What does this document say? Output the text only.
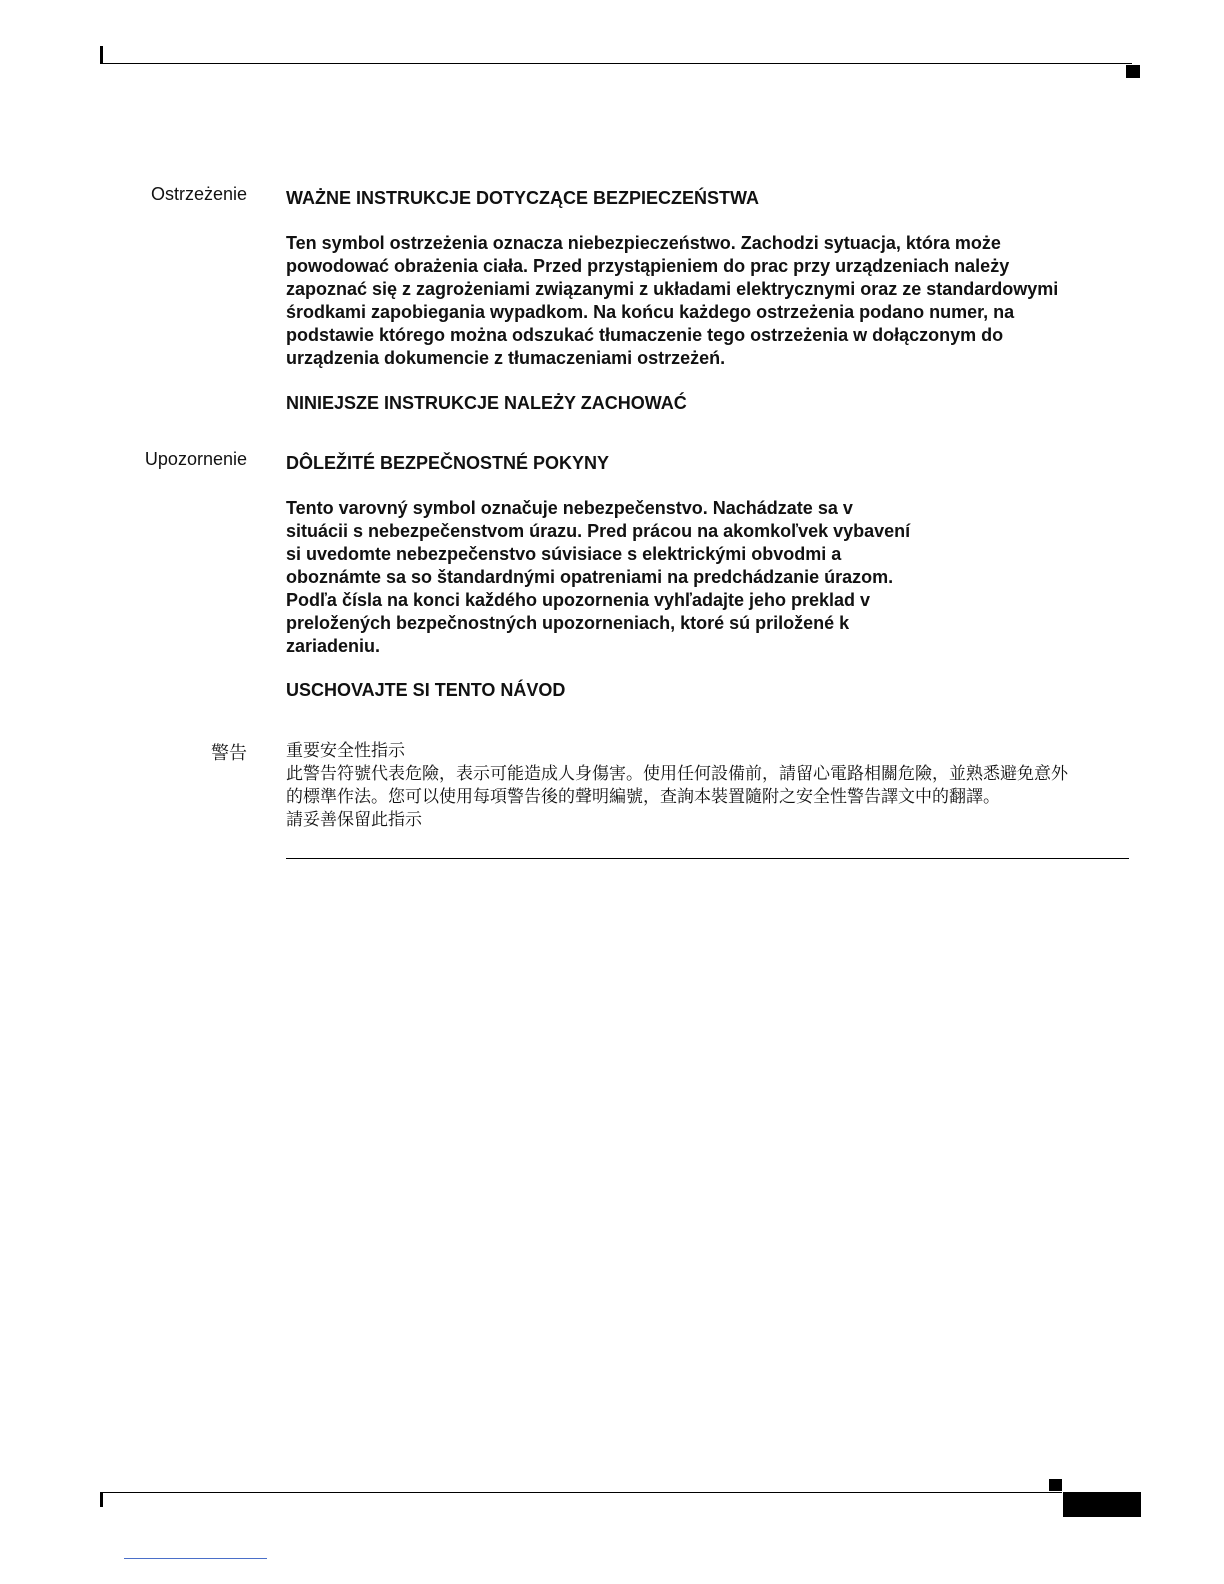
Ostrzeżenie WAŻNE INSTRUKCJE DOTYCZĄCE BEZPIECZEŃSTWA
Ten symbol ostrzeżenia oznacza niebezpieczeństwo. Zachodzi sytuacja, która może
powodować obrażenia ciała. Przed przystąpieniem do prac przy urządzeniach należy
zapoznać się z zagrożeniami związanymi z układami elektrycznymi oraz ze standardowymi
środkami zapobiegania wypadkom. Na końcu każdego ostrzeżenia podano numer, na
podstawie którego można odszukać tłumaczenie tego ostrzeżenia w dołączonym do
urządzenia dokumencie z tłumaczeniami ostrzeżeń.
NINIEJSZE INSTRUKCJE NALEŻY ZACHOWAĆ
Upozornenie DÔLEŽITÉ BEZPEČNOSTNÉ POKYNY
Tento varovný symbol označuje nebezpečenstvo. Nachádzate sa v
situácii s nebezpečenstvom úrazu. Pred prácou na akomkoľvek vybavení
si uvedomte nebezpečenstvo súvisiace s elektrickými obvodmi a
oboznámte sa so štandardnými opatreniami na predchádzanie úrazom.
Podľa čísla na konci každého upozornenia vyhľadajte jeho preklad v
preložených bezpečnostných upozorneniach, ktoré sú priložené k
zariadeniu.
USCHOVAJTE SI TENTO NÁVOD
警告 重要安全性指示
此警告符號代表危險，表示可能造成人身傷害。使用任何設備前，請留心電路相關危險，並熟悉避免意外
的標準作法。您可以使用每項警告後的聲明編號，查詢本裝置隨附之安全性警告譯文中的翻譯。
請妥善保留此指示
